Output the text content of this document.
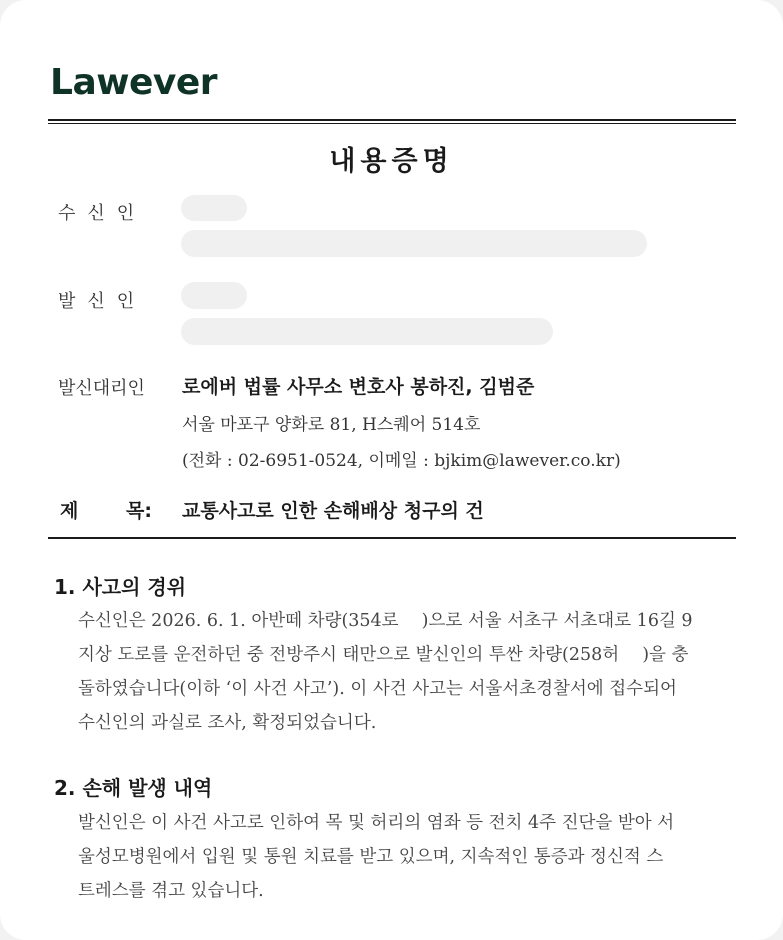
Lawever
내용증명
수신인
발신인
발신대리인 로에버 법률 사무소 변호사 봉하진, 김범준
서울 마포구 양화로 81, H스퀘어 514호
(전화 : 02-6951-0524, 이메일 : bjkim@lawever.co.kr)
제	목: 교통사고로 인한 손해배상 청구의 건
1. 사고의 경위
수신인은 2026. 6. 1. 아반떼 차량(354로 　)으로 서울 서초구 서초대로 16길 9
지상 도로를 운전하던 중 전방주시 태만으로 발신인의 투싼 차량(258허 　)을 충
돌하였습니다(이하 ‘이 사건 사고’). 이 사건 사고는 서울서초경찰서에 접수되어
수신인의 과실로 조사, 확정되었습니다.
2. 손해 발생 내역
발신인은 이 사건 사고로 인하여 목 및 허리의 염좌 등 전치 4주 진단을 받아 서
울성모병원에서 입원 및 통원 치료를 받고 있으며, 지속적인 통증과 정신적 스
트레스를 겪고 있습니다.
